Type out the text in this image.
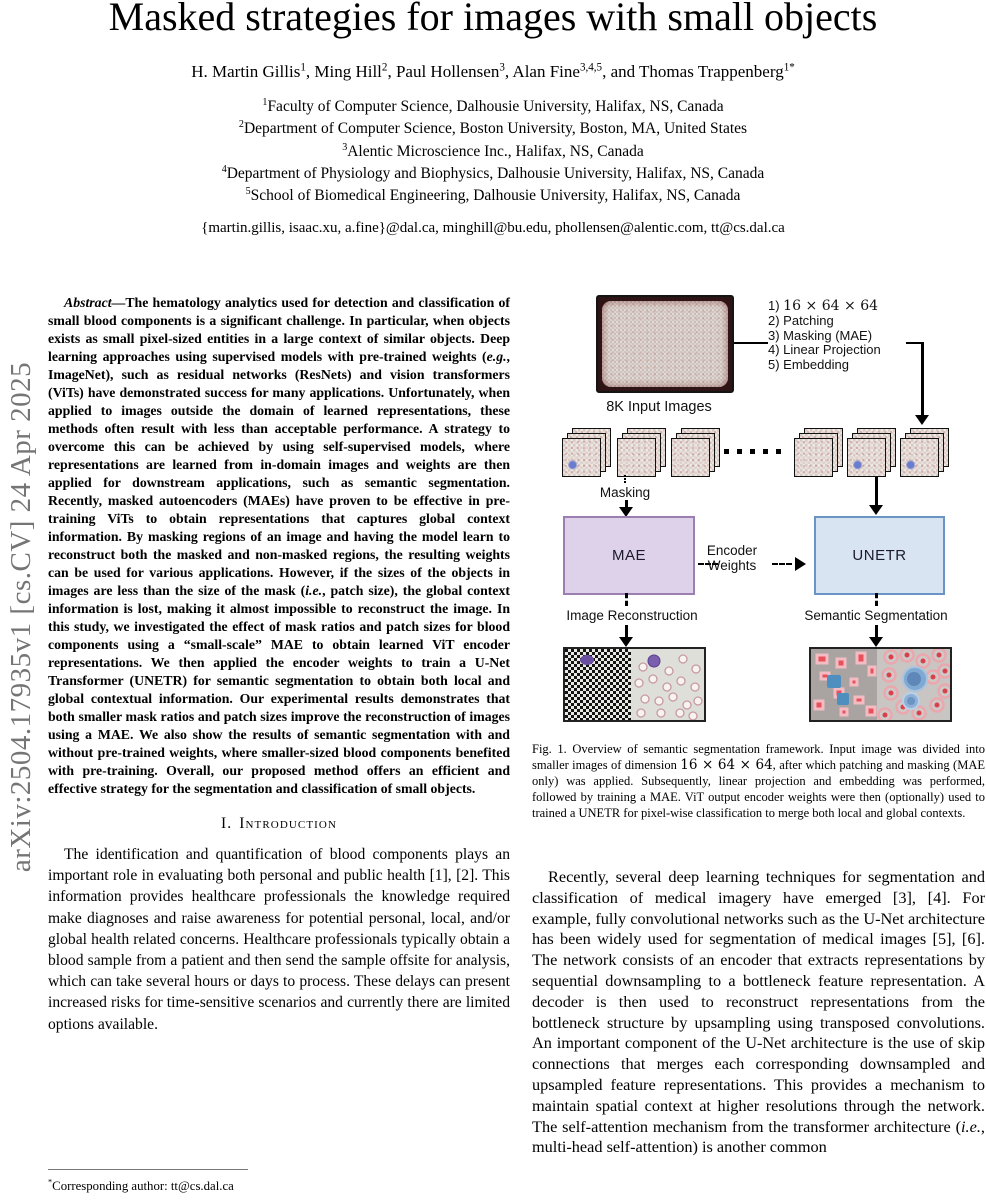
arXiv:2504.17935v1 [cs.CV] 24 Apr 2025
Masked strategies for images with small objects
H. Martin Gillis$^1$, Ming Hill$^2$, Paul Hollensen$^3$, Alan Fine$^{3,4,5}$, and Thomas Trappenberg$^{1*}$
$^1$Faculty of Computer Science, Dalhousie University, Halifax, NS, Canada
$^2$Department of Computer Science, Boston University, Boston, MA, United States
$^3$Alentic Microscience Inc., Halifax, NS, Canada
$^4$Department of Physiology and Biophysics, Dalhousie University, Halifax, NS, Canada
$^5$School of Biomedical Engineering, Dalhousie University, Halifax, NS, Canada
{martin.gillis, isaac.xu, a.fine}@dal.ca, minghill@bu.edu, phollensen@alentic.com, tt@cs.dal.ca

Abstract—The hematology analytics used for detection and classification of small blood components is a significant challenge. In particular, when objects exists as small pixel-sized entities in a large context of similar objects. Deep learning approaches using supervised models with pre-trained weights (e.g., ImageNet), such as residual networks (ResNets) and vision transformers (ViTs) have demonstrated success for many applications. Unfortunately, when applied to images outside the domain of learned representations, these methods often result with less than acceptable performance. A strategy to overcome this can be achieved by using self-supervised models, where representations are learned from in-domain images and weights are then applied for downstream applications, such as semantic segmentation. Recently, masked autoencoders (MAEs) have proven to be effective in pre-training ViTs to obtain representations that captures global context information. By masking regions of an image and having the model learn to reconstruct both the masked and non-masked regions, the resulting weights can be used for various applications. However, if the sizes of the objects in images are less than the size of the mask (i.e., patch size), the global context information is lost, making it almost impossible to reconstruct the image. In this study, we investigated the effect of mask ratios and patch sizes for blood components using a “small-scale” MAE to obtain learned ViT encoder representations. We then applied the encoder weights to train a U-Net Transformer (UNETR) for semantic segmentation to obtain both local and global contextual information. Our experimental results demonstrates that both smaller mask ratios and patch sizes improve the reconstruction of images using a MAE. We also show the results of semantic segmentation with and without pre-trained weights, where smaller-sized blood components benefited with pre-training. Overall, our proposed method offers an efficient and effective strategy for the segmentation and classification of small objects.

I. Introduction

The identification and quantification of blood components plays an important role in evaluating both personal and public health [1], [2]. This information provides healthcare professionals the knowledge required make diagnoses and raise awareness for potential personal, local, and/or global health related concerns. Healthcare professionals typically obtain a blood sample from a patient and then send the sample offsite for analysis, which can take several hours or days to process. These delays can present increased risks for time-sensitive scenarios and currently there are limited options available.

*Corresponding author: tt@cs.dal.ca
8K Input Images
1) 16 × 64 × 64
2) Patching
3) Masking (MAE)
4) Linear Projection
5) Embedding
Masking
MAE	UNETR
Encoder
Weights
Image Reconstruction	Semantic Segmentation

Fig. 1. Overview of semantic segmentation framework. Input image was divided into smaller images of dimension 16 × 64 × 64, after which patching and masking (MAE only) was applied. Subsequently, linear projection and embedding was performed, followed by training a MAE. ViT output encoder weights were then (optionally) used to trained a UNETR for pixel-wise classification to merge both local and global contexts.

Recently, several deep learning techniques for segmentation and classification of medical imagery have emerged [3], [4]. For example, fully convolutional networks such as the U-Net architecture has been widely used for segmentation of medical images [5], [6]. The network consists of an encoder that extracts representations by sequential downsampling to a bottleneck feature representation. A decoder is then used to reconstruct representations from the bottleneck structure by upsampling using transposed convolutions. An important component of the U-Net architecture is the use of skip connections that merges each corresponding downsampled and upsampled feature representations. This provides a mechanism to maintain spatial context at higher resolutions through the network. The self-attention mechanism from the transformer architecture (i.e., multi-head self-attention) is another common
